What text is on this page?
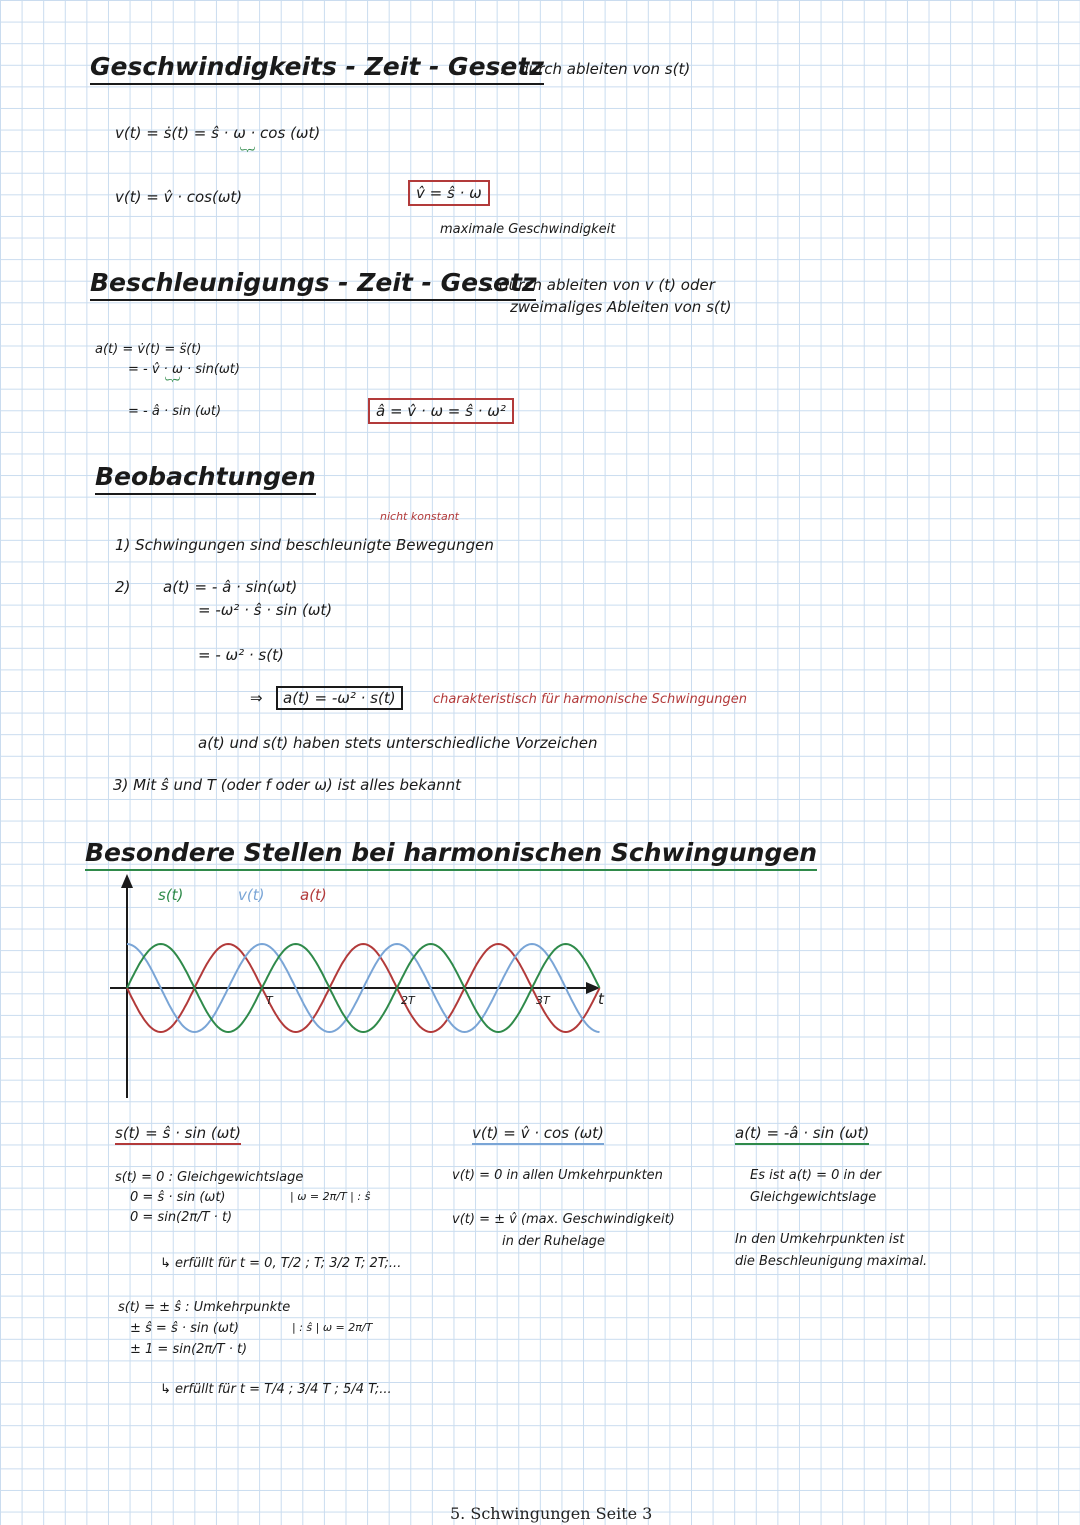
Geschwindigkeits - Zeit - Gesetz
... durch ableiten von s(t)
v(t) = ṡ(t) = ŝ · ω · cos (ωt)
︸
v(t) = v̂ · cos(ωt)	v̂ = ŝ · ω
maximale Geschwindigkeit
Beschleunigungs - Zeit - Gesetz
... durch ableiten von v (t) oder
zweimaliges Ableiten von s(t)
a(t) = v̇(t) = s̈(t)
= - v̂ · ω · sin(ωt)
︸
= - â · sin (ωt)	â = v̂ · ω = ŝ · ω²
Beobachtungen
nicht konstant
1) Schwingungen sind beschleunigte Bewegungen
2) a(t) = - â · sin(ωt)
= -ω² · ŝ · sin (ωt)
= - ω² · s(t)
⇒	a(t) = -ω² · s(t)	charakteristisch für harmonische Schwingungen
a(t) und s(t) haben stets unterschiedliche Vorzeichen
3) Mit ŝ und T (oder f oder ω) ist alles bekannt
Besondere Stellen bei harmonischen Schwingungen
t
s(t)	v(t) a(t)
T	2T	3T
s(t) = ŝ · sin (ωt)
s(t) = 0 : Gleichgewichtslage
0 = ŝ · sin (ωt)	| ω = 2π/T | : ŝ
0 = sin(2π/T · t)
↳ erfüllt für t = 0, T/2 ; T; 3/2 T; 2T;...
s(t) = ± ŝ : Umkehrpunkte
± ŝ = ŝ · sin (ωt)	| : ŝ | ω = 2π/T
± 1 = sin(2π/T · t)
↳ erfüllt für t = T/4 ; 3/4 T ; 5/4 T;...
v(t) = v̂ · cos (ωt)
v(t) = 0 in allen Umkehrpunkten
v(t) = ± v̂ (max. Geschwindigkeit)
in der Ruhelage
a(t) = -â · sin (ωt)
Es ist a(t) = 0 in der
Gleichgewichtslage
In den Umkehrpunkten ist
die Beschleunigung maximal.
5. Schwingungen Seite 3
